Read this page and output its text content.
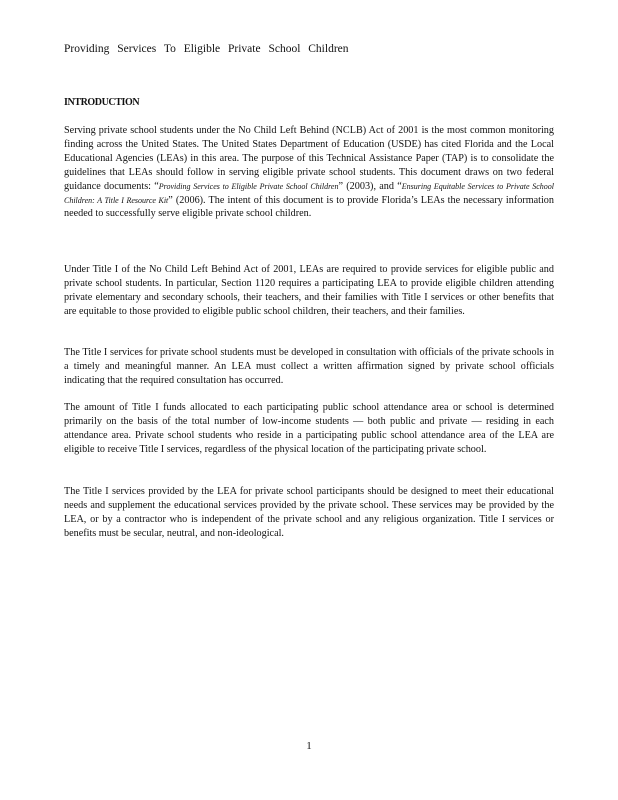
Providing Services To Eligible Private School Children
INTRODUCTION

Serving private school students under the No Child Left Behind (NCLB) Act of 2001 is the most common monitoring finding across the United States. The United States Department of Education (USDE) has cited Florida and the Local Educational Agencies (LEAs) in this area. The purpose of this Technical Assistance Paper (TAP) is to consolidate the guidelines that LEAs should follow in serving eligible private school students. This document draws on two federal guidance documents: “Providing Services to Eligible Private School Children” (2003), and “Ensuring Equitable Services to Private School Children: A Title I Resource Kit” (2006). The intent of this document is to provide Florida’s LEAs the necessary information needed to successfully serve eligible private school children.

Under Title I of the No Child Left Behind Act of 2001, LEAs are required to provide services for eligible public and private school students. In particular, Section 1120 requires a participating LEA to provide eligible children attending private elementary and secondary schools, their teachers, and their families with Title I services or other benefits that are equitable to those provided to eligible public school children, their teachers, and their families.

The Title I services for private school students must be developed in consultation with officials of the private schools in a timely and meaningful manner. An LEA must collect a written affirmation signed by private school officials indicating that the required consultation has occurred.

The amount of Title I funds allocated to each participating public school attendance area or school is determined primarily on the basis of the total number of low-income students — both public and private — residing in each attendance area. Private school students who reside in a participating public school attendance area of the LEA are eligible to receive Title I services, regardless of the physical location of the participating private school.

The Title I services provided by the LEA for private school participants should be designed to meet their educational needs and supplement the educational services provided by the private school. These services may be provided by the LEA, or by a contractor who is independent of the private school and any religious organization. Title I services or benefits must be secular, neutral, and non-ideological.

1
